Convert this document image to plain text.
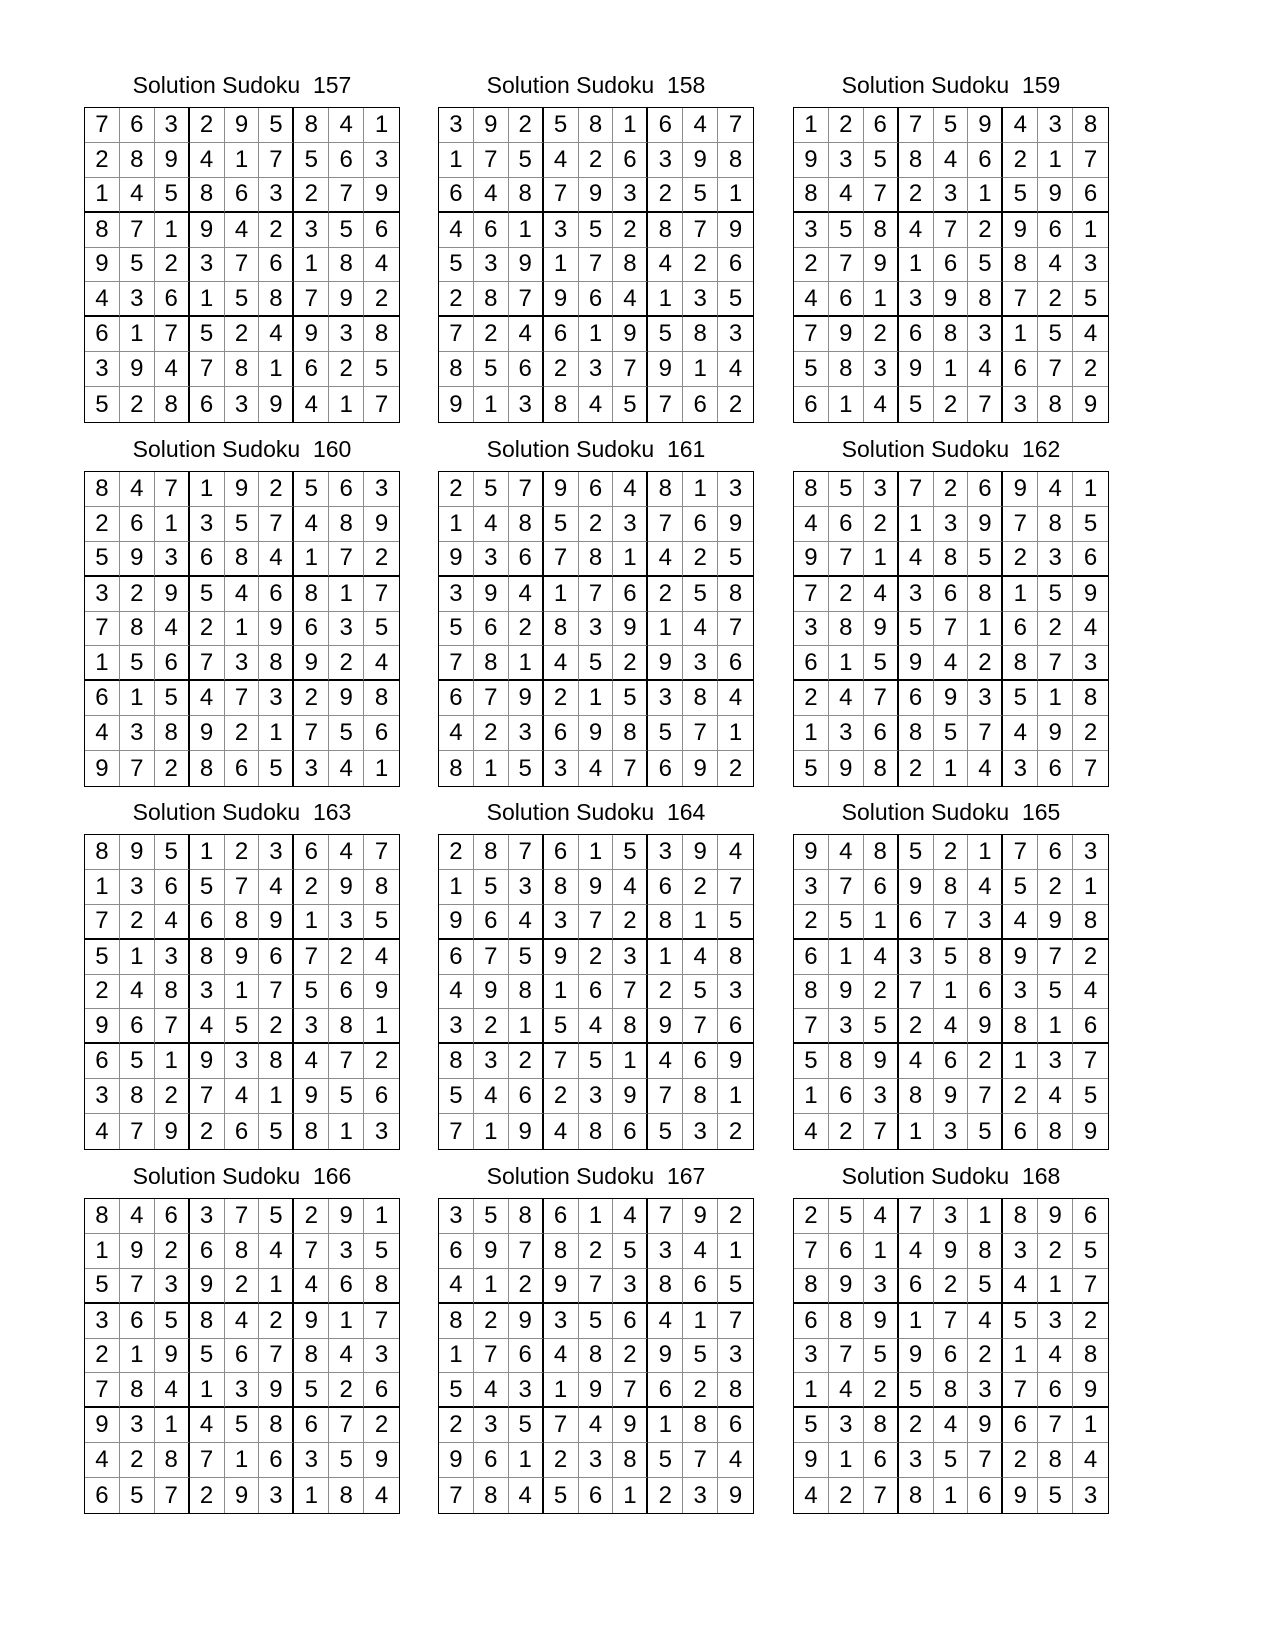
Solution Sudoku  157
7 6 3 2 9 5 8 4 1
2 8 9 4 1 7 5 6 3
1 4 5 8 6 3 2 7 9
8 7 1 9 4 2 3 5 6
9 5 2 3 7 6 1 8 4
4 3 6 1 5 8 7 9 2
6 1 7 5 2 4 9 3 8
3 9 4 7 8 1 6 2 5
5 2 8 6 3 9 4 1 7
Solution Sudoku  158
3 9 2 5 8 1 6 4 7
1 7 5 4 2 6 3 9 8
6 4 8 7 9 3 2 5 1
4 6 1 3 5 2 8 7 9
5 3 9 1 7 8 4 2 6
2 8 7 9 6 4 1 3 5
7 2 4 6 1 9 5 8 3
8 5 6 2 3 7 9 1 4
9 1 3 8 4 5 7 6 2
Solution Sudoku  159
1 2 6 7 5 9 4 3 8
9 3 5 8 4 6 2 1 7
8 4 7 2 3 1 5 9 6
3 5 8 4 7 2 9 6 1
2 7 9 1 6 5 8 4 3
4 6 1 3 9 8 7 2 5
7 9 2 6 8 3 1 5 4
5 8 3 9 1 4 6 7 2
6 1 4 5 2 7 3 8 9
Solution Sudoku  160
8 4 7 1 9 2 5 6 3
2 6 1 3 5 7 4 8 9
5 9 3 6 8 4 1 7 2
3 2 9 5 4 6 8 1 7
7 8 4 2 1 9 6 3 5
1 5 6 7 3 8 9 2 4
6 1 5 4 7 3 2 9 8
4 3 8 9 2 1 7 5 6
9 7 2 8 6 5 3 4 1
Solution Sudoku  161
2 5 7 9 6 4 8 1 3
1 4 8 5 2 3 7 6 9
9 3 6 7 8 1 4 2 5
3 9 4 1 7 6 2 5 8
5 6 2 8 3 9 1 4 7
7 8 1 4 5 2 9 3 6
6 7 9 2 1 5 3 8 4
4 2 3 6 9 8 5 7 1
8 1 5 3 4 7 6 9 2
Solution Sudoku  162
8 5 3 7 2 6 9 4 1
4 6 2 1 3 9 7 8 5
9 7 1 4 8 5 2 3 6
7 2 4 3 6 8 1 5 9
3 8 9 5 7 1 6 2 4
6 1 5 9 4 2 8 7 3
2 4 7 6 9 3 5 1 8
1 3 6 8 5 7 4 9 2
5 9 8 2 1 4 3 6 7
Solution Sudoku  163
8 9 5 1 2 3 6 4 7
1 3 6 5 7 4 2 9 8
7 2 4 6 8 9 1 3 5
5 1 3 8 9 6 7 2 4
2 4 8 3 1 7 5 6 9
9 6 7 4 5 2 3 8 1
6 5 1 9 3 8 4 7 2
3 8 2 7 4 1 9 5 6
4 7 9 2 6 5 8 1 3
Solution Sudoku  164
2 8 7 6 1 5 3 9 4
1 5 3 8 9 4 6 2 7
9 6 4 3 7 2 8 1 5
6 7 5 9 2 3 1 4 8
4 9 8 1 6 7 2 5 3
3 2 1 5 4 8 9 7 6
8 3 2 7 5 1 4 6 9
5 4 6 2 3 9 7 8 1
7 1 9 4 8 6 5 3 2
Solution Sudoku  165
9 4 8 5 2 1 7 6 3
3 7 6 9 8 4 5 2 1
2 5 1 6 7 3 4 9 8
6 1 4 3 5 8 9 7 2
8 9 2 7 1 6 3 5 4
7 3 5 2 4 9 8 1 6
5 8 9 4 6 2 1 3 7
1 6 3 8 9 7 2 4 5
4 2 7 1 3 5 6 8 9
Solution Sudoku  166
8 4 6 3 7 5 2 9 1
1 9 2 6 8 4 7 3 5
5 7 3 9 2 1 4 6 8
3 6 5 8 4 2 9 1 7
2 1 9 5 6 7 8 4 3
7 8 4 1 3 9 5 2 6
9 3 1 4 5 8 6 7 2
4 2 8 7 1 6 3 5 9
6 5 7 2 9 3 1 8 4
Solution Sudoku  167
3 5 8 6 1 4 7 9 2
6 9 7 8 2 5 3 4 1
4 1 2 9 7 3 8 6 5
8 2 9 3 5 6 4 1 7
1 7 6 4 8 2 9 5 3
5 4 3 1 9 7 6 2 8
2 3 5 7 4 9 1 8 6
9 6 1 2 3 8 5 7 4
7 8 4 5 6 1 2 3 9
Solution Sudoku  168
2 5 4 7 3 1 8 9 6
7 6 1 4 9 8 3 2 5
8 9 3 6 2 5 4 1 7
6 8 9 1 7 4 5 3 2
3 7 5 9 6 2 1 4 8
1 4 2 5 8 3 7 6 9
5 3 8 2 4 9 6 7 1
9 1 6 3 5 7 2 8 4
4 2 7 8 1 6 9 5 3
